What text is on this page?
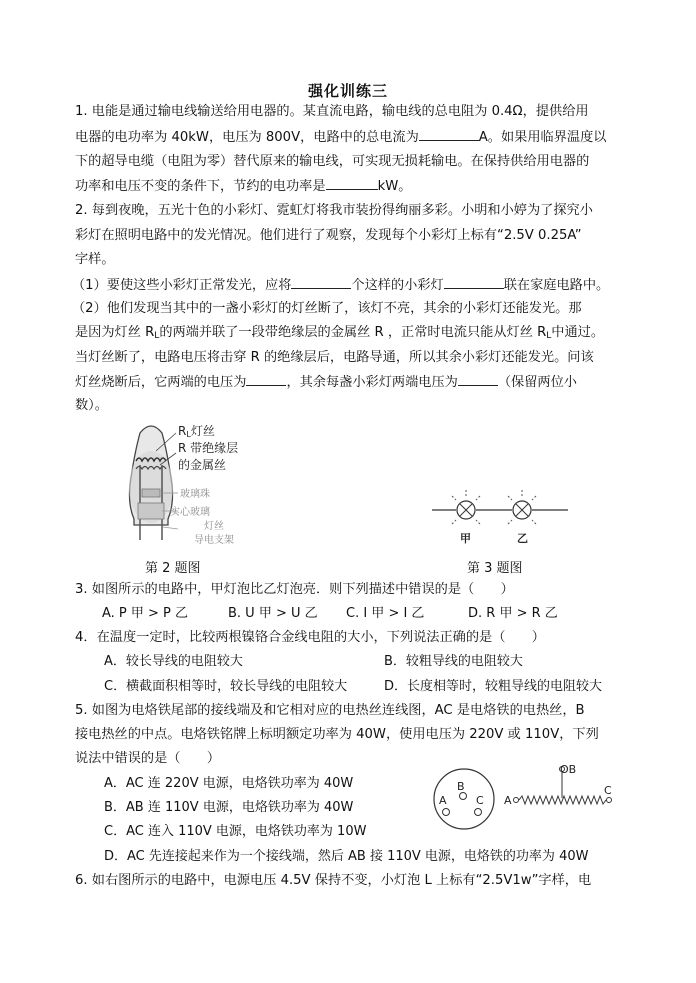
强化训练三
1. 电能是通过输电线输送给用电器的。某直流电路，输电线的总电阻为 0.4Ω，提供给用
电器的电功率为 40kW，电压为 800V，电路中的总电流为	A。如果用临界温度以
下的超导电缆（电阻为零）替代原来的输电线，可实现无损耗输电。在保持供给用电器的
功率和电压不变的条件下，节约的电功率是	kW。
2. 每到夜晚，五光十色的小彩灯、霓虹灯将我市装扮得绚丽多彩。小明和小婷为了探究小
彩灯在照明电路中的发光情况。他们进行了观察，发现每个小彩灯上标有“2.5V 0.25A”
字样。
（1）要使这些小彩灯正常发光，应将	个这样的小彩灯	联在家庭电路中。
（2）他们发现当其中的一盏小彩灯的灯丝断了，该灯不亮，其余的小彩灯还能发光。那
是因为灯丝 $R_L$的两端并联了一段带绝缘层的金属丝 R ，正常时电流只能从灯丝 $R_L$中通过。
当灯丝断了，电路电压将击穿 R 的绝缘层后，电路导通，所以其余小彩灯还能发光。问该
灯丝烧断后，它两端的电压为	，其余每盏小彩灯两端电压为	（保留两位小
数）。
RL灯丝
R 带绝缘层
的金属丝
玻璃珠
实心玻璃
灯丝
导电支架
第 2 题图
甲	乙
第 3 题图
3. 如图所示的电路中，甲灯泡比乙灯泡亮．则下列描述中错误的是（　　）
A. P 甲 > P 乙	B. U 甲 > U 乙 C. I 甲 > I 乙	D. R 甲 > R 乙
4．在温度一定时，比较两根镍铬合金线电阻的大小，下列说法正确的是（　　）
A．较长导线的电阻较大	B．较粗导线的电阻较大
C．横截面积相等时，较长导线的电阻较大	D．长度相等时，较粗导线的电阻较大
5. 如图为电烙铁尾部的接线端及和它相对应的电热丝连线图，AC 是电烙铁的电热丝，B
接电热丝的中点。电烙铁铭牌上标明额定功率为 40W，使用电压为 220V 或 110V，下列
说法中错误的是（　　）
A．AC 连 220V 电源，电烙铁功率为 40W
B．AB 连 110V 电源，电烙铁功率为 40W
C．AC 连入 110V 电源，电烙铁功率为 10W
D．AC 先连接起来作为一个接线端，然后 AB 接 110V 电源，电烙铁的功率为 40W
B
A	C A
C
OB
6. 如右图所示的电路中，电源电压 4.5V 保持不变，小灯泡 L 上标有“2.5V1w”字样，电
